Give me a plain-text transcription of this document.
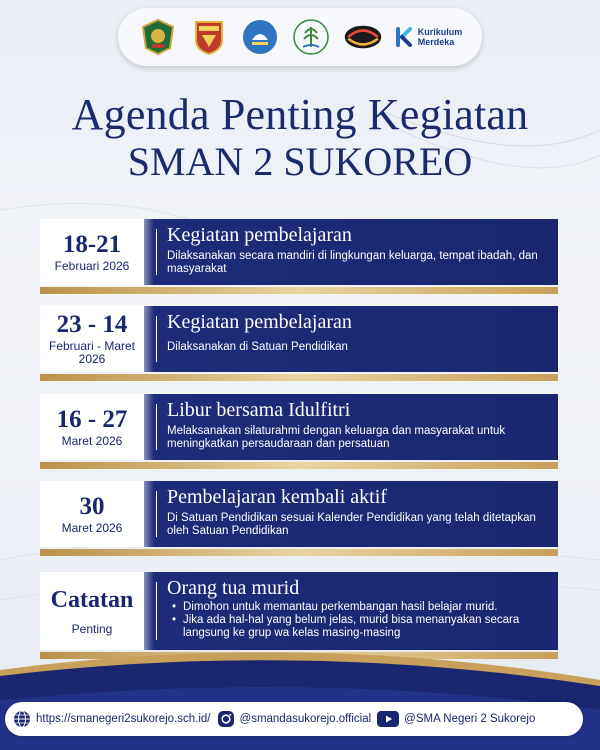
Kurikulum
Merdeka
Agenda Penting Kegiatan
SMAN 2 SUKOREO
18-21
Februari 2026
Kegiatan pembelajaran
Dilaksanakan secara mandiri di lingkungan keluarga, tempat ibadah, dan masyarakat
23 - 14
Februari - Maret 2026
Kegiatan pembelajaran
Dilaksanakan di Satuan Pendidikan
16 - 27
Maret 2026
Libur bersama Idulfitri
Melaksanakan silaturahmi dengan keluarga dan masyarakat untuk meningkatkan persaudaraan dan persatuan
30
Maret 2026
Pembelajaran kembali aktif
Di Satuan Pendidikan sesuai Kalender Pendidikan yang telah ditetapkan oleh Satuan Pendidikan
Catatan
Penting
Orang tua murid
• Dimohon untuk memantau perkembangan hasil belajar murid.
• Jika ada hal-hal yang belum jelas, murid bisa menanyakan secara langsung ke grup wa kelas masing-masing
https://smanegeri2sukorejo.sch.id/	@smandasukorejo.official	@SMA Negeri 2 Sukorejo
